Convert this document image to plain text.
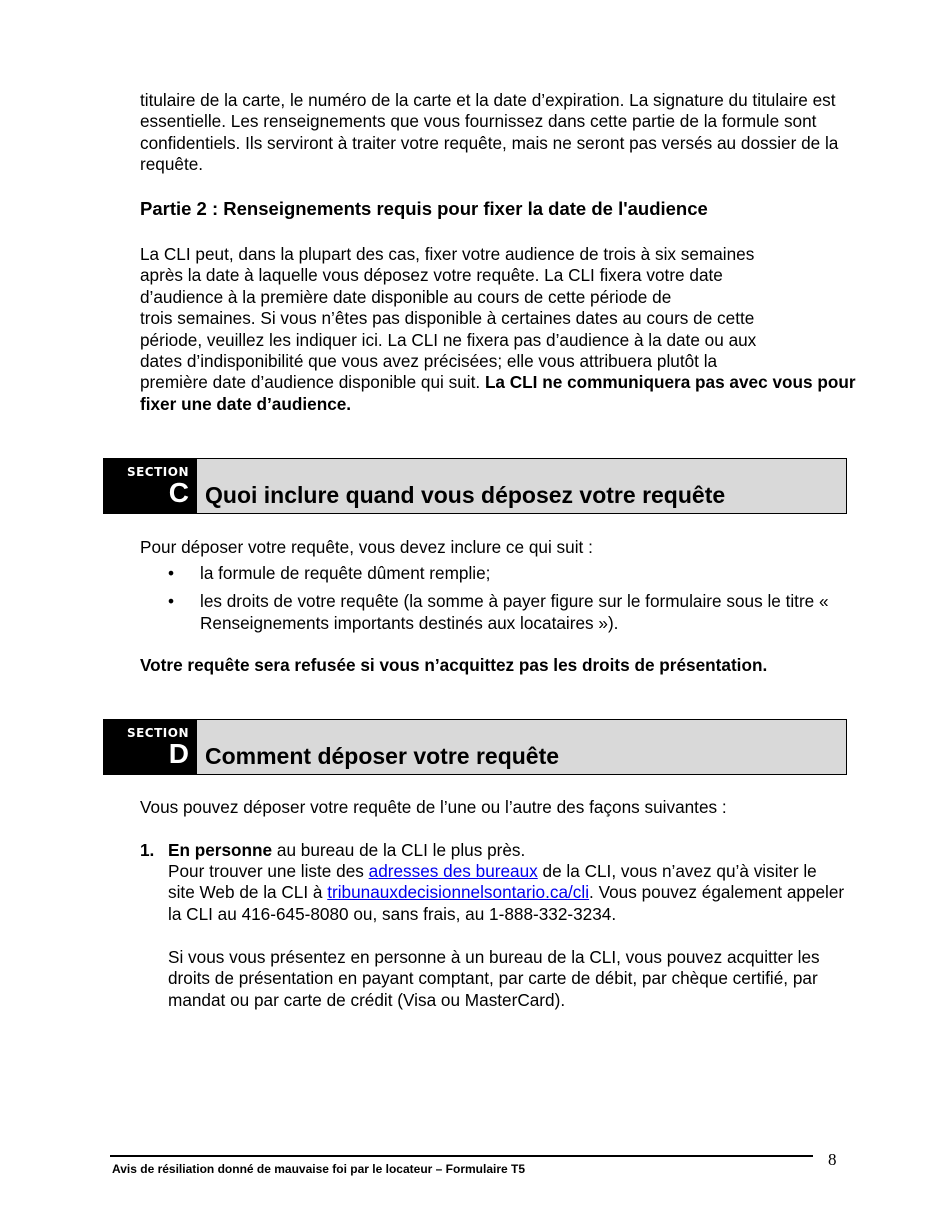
titulaire de la carte, le numéro de la carte et la date d’expiration. La signature du titulaire est essentielle. Les renseignements que vous fournissez dans cette partie de la formule sont confidentiels. Ils serviront à traiter votre requête, mais ne seront pas versés au dossier de la requête.

Partie 2 : Renseignements requis pour fixer la date de l'audience

La CLI peut, dans la plupart des cas, fixer votre audience de trois à six semaines
après la date à laquelle vous déposez votre requête. La CLI fixera votre date
d’audience à la première date disponible au cours de cette période de
trois semaines. Si vous n’êtes pas disponible à certaines dates au cours de cette
période, veuillez les indiquer ici. La CLI ne fixera pas d’audience à la date ou aux
dates d’indisponibilité que vous avez précisées; elle vous attribuera plutôt la
première date d’audience disponible qui suit. La CLI ne communiquera pas avec vous pour fixer une date d’audience.

SECTION
C Quoi inclure quand vous déposez votre requête

Pour déposer votre requête, vous devez inclure ce qui suit :

• la formule de requête dûment remplie;
• les droits de votre requête (la somme à payer figure sur le formulaire sous le titre « Renseignements importants destinés aux locataires »).

Votre requête sera refusée si vous n’acquittez pas les droits de présentation.

SECTION
D Comment déposer votre requête

Vous pouvez déposer votre requête de l’une ou l’autre des façons suivantes :

1. En personne au bureau de la CLI le plus près.

Pour trouver une liste des adresses des bureaux de la CLI, vous n’avez qu’à visiter le site Web de la CLI à tribunauxdecisionnelsontario.ca/cli. Vous pouvez également appeler la CLI au 416-645-8080 ou, sans frais, au 1-888-332-3234.

Si vous vous présentez en personne à un bureau de la CLI, vous pouvez acquitter les droits de présentation en payant comptant, par carte de débit, par chèque certifié, par mandat ou par carte de crédit (Visa ou MasterCard).

Avis de résiliation donné de mauvaise foi par le locateur – Formulaire T5	8
